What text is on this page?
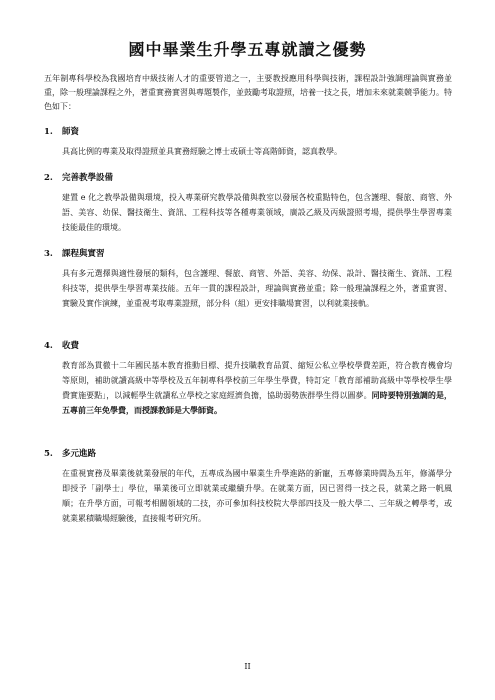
國中畢業生升學五專就讀之優勢

五年制專科學校為我國培育中級技術人才的重要管道之一，主要教授應用科學與技術，課程設計強調理論與實務並重，除一般理論課程之外，著重實務實習與專題製作，並鼓勵考取證照，培養一技之長，增加未來就業競爭能力。特色如下：

1.	師資
具高比例的專業及取得證照並具實務經驗之博士或碩士等高階師資，認真教學。
2.	完善教學設備
建置 e 化之教學設備與環境，投入專業研究教學設備與教室以發展各校重點特色，包含護理、餐旅、商管、外語、美容、幼保、醫技衛生、資訊、工程科技等各種專業領域，廣設乙級及丙級證照考場，提供學生學習專業技能最佳的環境。
3.	課程與實習
具有多元選擇與適性發展的類科，包含護理、餐旅、商管、外語、美容、幼保、設計、醫技衛生、資訊、工程科技等，提供學生學習專業技能。五年一貫的課程設計，理論與實務並重；除一般理論課程之外，著重實習、實驗及實作演練，並重視考取專業證照，部分科（組）更安排職場實習，以利就業接軌。
4.	收費
教育部為貫徹十二年國民基本教育推動目標、提升技職教育品質、縮短公私立學校學費差距，符合教育機會均等原則，補助就讀高級中等學校及五年制專科學校前三年學生學費，特訂定「教育部補助高級中等學校學生學費實施要點」，以減輕學生就讀私立學校之家庭經濟負擔，協助弱勢族群學生得以圓夢。同時要特別強調的是，五專前三年免學費，而授課教師是大學師資。
5.	多元進路
在重視實務及畢業後就業發展的年代，五專成為國中畢業生升學進路的新寵，五專修業時間為五年，修滿學分即授予「副學士」學位，畢業後可立即就業或繼續升學。在就業方面，因已習得一技之長，就業之路一帆風順；在升學方面，可報考相關領域的二技，亦可參加科技校院大學部四技及一般大學二、三年級之轉學考，或就業累積職場經驗後，直接報考研究所。
II
